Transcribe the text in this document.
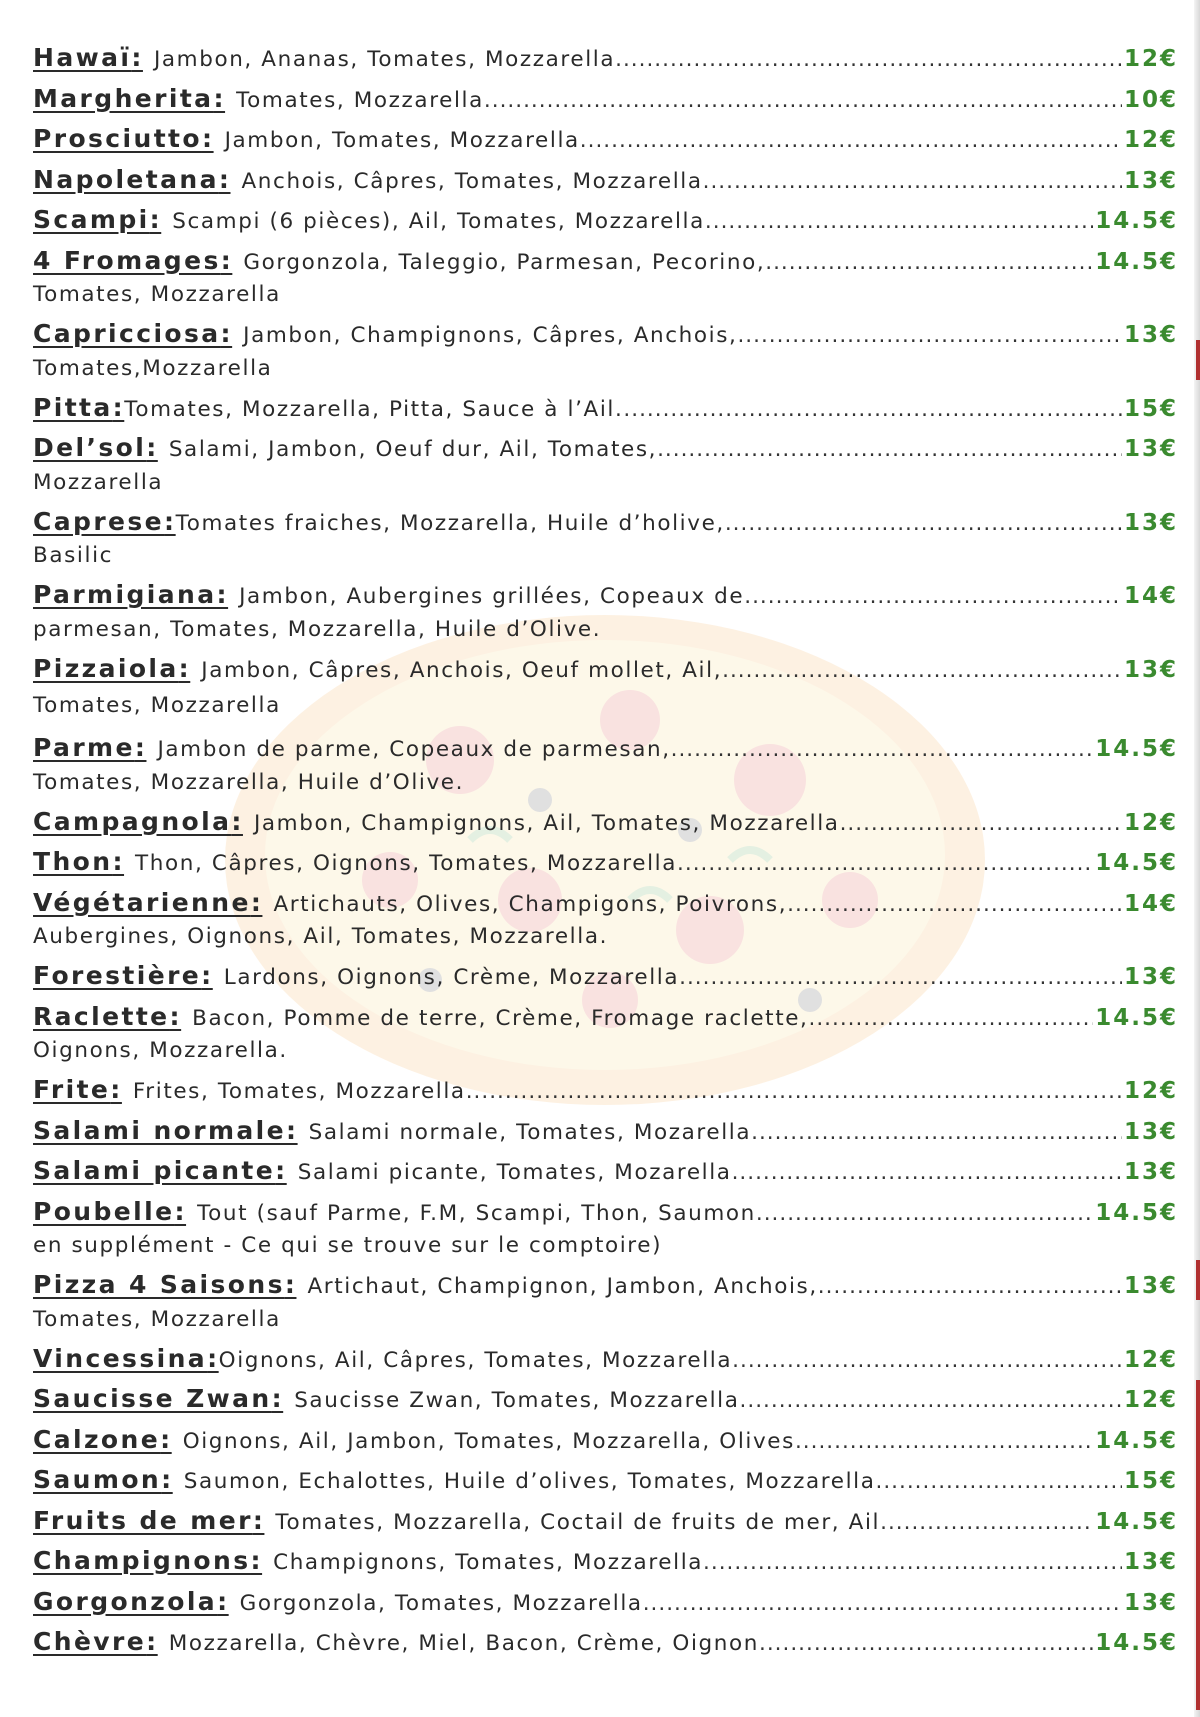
Hawaï : Jambon, Ananas, Tomates, Mozzarella .....	12€
Margherita : Tomates, Mozzarella .....	10€
Prosciutto : Jambon, Tomates, Mozzarella .....	12€
Napoletana : Anchois, Câpres, Tomates, Mozzarella .....	13€
Scampi : Scampi (6 pièces), Ail, Tomates, Mozzarella .....	14.5€
4 Fromages : Gorgonzola, Taleggio, Parmesan, Pecorino, .....	14.5€
Tomates, Mozzarella
Capricciosa : Jambon, Champignons, Câpres, Anchois, .....	13€
Tomates,Mozzarella
Pitta : Tomates, Mozzarella, Pitta, Sauce à l’Ail. .....	15€
Del’sol : Salami, Jambon, Oeuf dur, Ail, Tomates, .....	13€
Mozzarella
Caprese : Tomates fraiches, Mozzarella, Huile d’holive, .....	13€
Basilic
Parmigiana : Jambon, Aubergines grillées, Copeaux de .....	14€
parmesan, Tomates, Mozzarella, Huile d’Olive.
Pizzaiola : Jambon, Câpres, Anchois, Oeuf mollet, Ail, .....	13€
Tomates, Mozzarella
Parme : Jambon de parme, Copeaux de parmesan, .....	14.5€
Tomates, Mozzarella, Huile d’Olive.
Campagnola : Jambon, Champignons, Ail, Tomates, Mozzarella .....	12€
Thon : Thon, Câpres, Oignons, Tomates, Mozzarella .....	14.5€
Végétarienne : Artichauts, Olives, Champigons, Poivrons, .....	14€
Aubergines, Oignons, Ail, Tomates, Mozzarella.
Forestière : Lardons, Oignons, Crème, Mozzarella .....	13€
Raclette : Bacon, Pomme de terre, Crème, Fromage raclette, .....	14.5€
Oignons, Mozzarella.
Frite : Frites, Tomates, Mozzarella .....	12€
Salami normale : Salami normale, Tomates, Mozarella .....	13€
Salami picante : Salami picante, Tomates, Mozarella .....	13€
Poubelle : Tout (sauf Parme, F.M, Scampi, Thon, Saumon .....	14.5€
en supplément - Ce qui se trouve sur le comptoire)
Pizza 4 Saisons : Artichaut, Champignon, Jambon, Anchois, .....	13€
Tomates, Mozzarella
Vincessina : Oignons, Ail, Câpres, Tomates, Mozzarella .....	12€
Saucisse Zwan : Saucisse Zwan, Tomates, Mozzarella .....	12€
Calzone : Oignons, Ail, Jambon, Tomates, Mozzarella, Olives .....	14.5€
Saumon : Saumon, Echalottes, Huile d’olives, Tomates, Mozzarella .....	15€
Fruits de mer : Tomates, Mozzarella, Coctail de fruits de mer, Ail .....	14.5€
Champignons : Champignons, Tomates, Mozzarella .....	13€
Gorgonzola : Gorgonzola, Tomates, Mozzarella .....	13€
Chèvre : Mozzarella, Chèvre, Miel, Bacon, Crème, Oignon .....	14.5€
